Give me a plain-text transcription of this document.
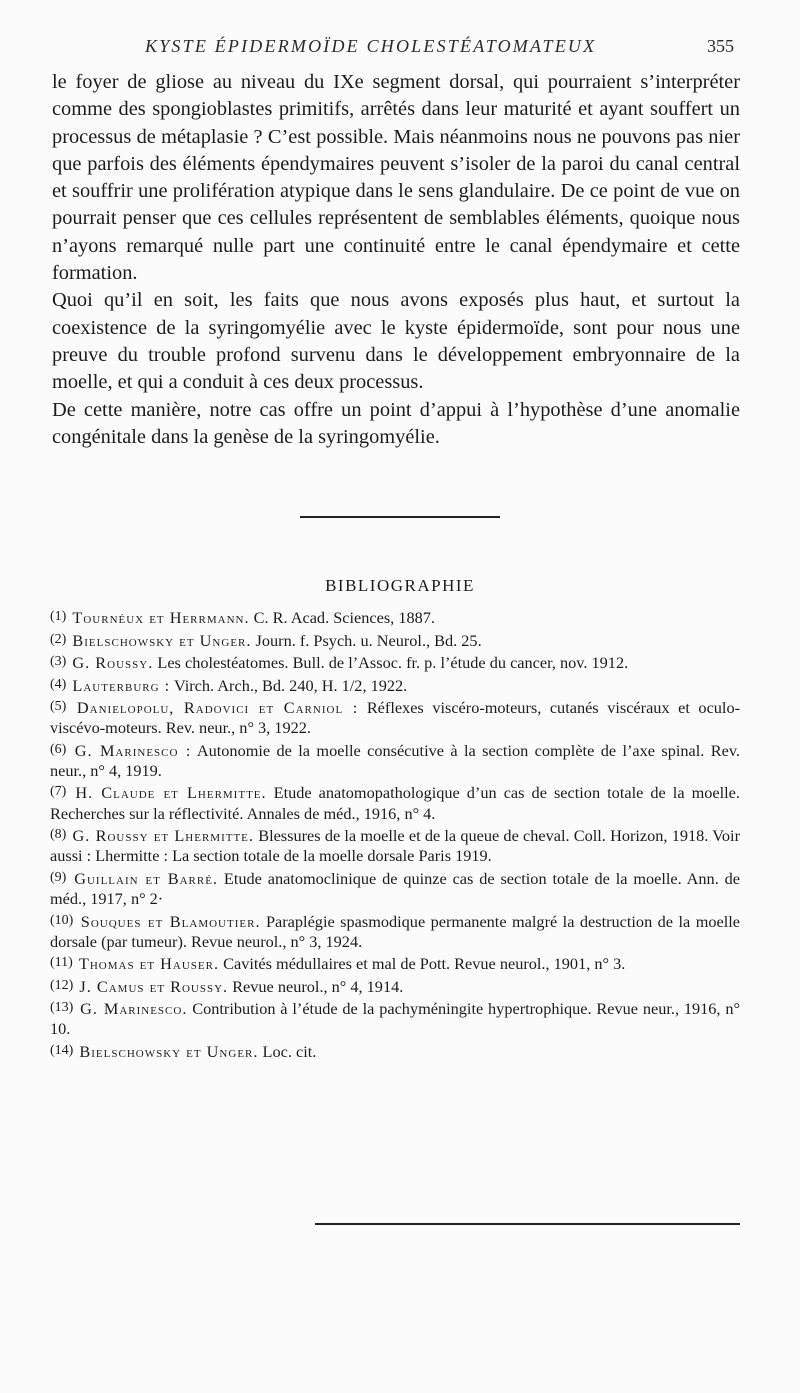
KYSTE ÉPIDERMOÏDE CHOLESTÉATOMATEUX	355

le foyer de gliose au niveau du IXe segment dorsal, qui pourraient s’interpréter comme des spongioblastes primitifs, arrêtés dans leur maturité et ayant souffert un processus de métaplasie ? C’est possible. Mais néanmoins nous ne pouvons pas nier que parfois des éléments épendymaires peuvent s’isoler de la paroi du canal central et souffrir une prolifération atypique dans le sens glandulaire. De ce point de vue on pourrait penser que ces cellules représentent de semblables éléments, quoique nous n’ayons remarqué nulle part une continuité entre le canal épendymaire et cette formation.

Quoi qu’il en soit, les faits que nous avons exposés plus haut, et surtout la coexistence de la syringomyélie avec le kyste épidermoïde, sont pour nous une preuve du trouble profond survenu dans le développement embryonnaire de la moelle, et qui a conduit à ces deux processus.

De cette manière, notre cas offre un point d’appui à l’hypothèse d’une anomalie congénitale dans la genèse de la syringomyélie.

BIBLIOGRAPHIE

(1) Tournéux et Herrmann. C. R. Acad. Sciences, 1887.

(2) Bielschowsky et Unger. Journ. f. Psych. u. Neurol., Bd. 25.

(3) G. Roussy. Les cholestéatomes. Bull. de l’Assoc. fr. p. l’étude du cancer, nov. 1912.

(4) Lauterburg : Virch. Arch., Bd. 240, H. 1/2, 1922.

(5) Danielopolu, Radovici et Carniol : Réflexes viscéro-moteurs, cutanés viscéraux et oculo-viscévo-moteurs. Rev. neur., n° 3, 1922.

(6) G. Marinesco : Autonomie de la moelle consécutive à la section complète de l’axe spinal. Rev. neur., n° 4, 1919.

(7) H. Claude et Lhermitte. Etude anatomopathologique d’un cas de section totale de la moelle. Recherches sur la réflectivité. Annales de méd., 1916, n° 4.

(8) G. Roussy et Lhermitte. Blessures de la moelle et de la queue de cheval. Coll. Horizon, 1918. Voir aussi : Lhermitte : La section totale de la moelle dorsale Paris 1919.

(9) Guillain et Barré. Etude anatomoclinique de quinze cas de section totale de la moelle. Ann. de méd., 1917, n° 2·

(10) Souques et Blamoutier. Paraplégie spasmodique permanente malgré la destruction de la moelle dorsale (par tumeur). Revue neurol., n° 3, 1924.

(11) Thomas et Hauser. Cavités médullaires et mal de Pott. Revue neurol., 1901, n° 3.

(12) J. Camus et Roussy. Revue neurol., n° 4, 1914.

(13) G. Marinesco. Contribution à l’étude de la pachyméningite hypertrophique. Revue neur., 1916, n° 10.

(14) Bielschowsky et Unger. Loc. cit.
